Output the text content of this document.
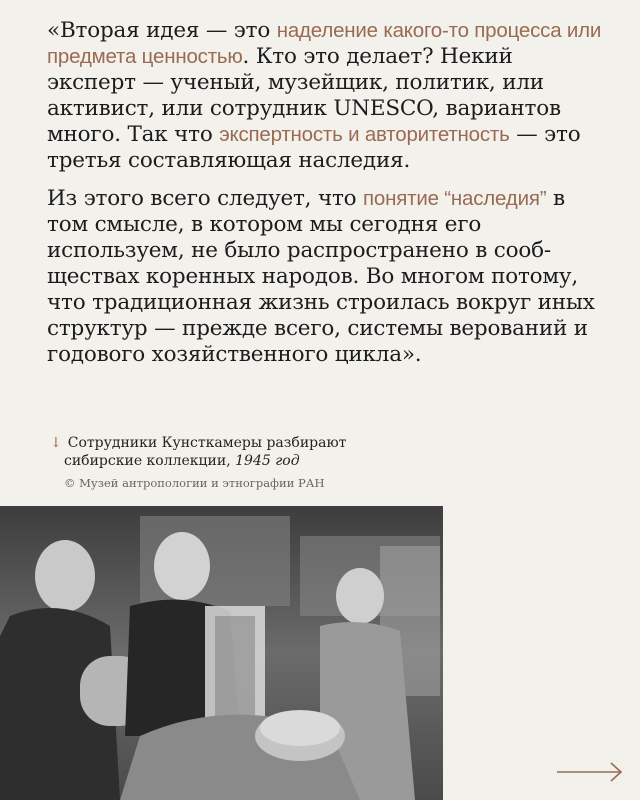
«Вторая идея — это наделение какого-то процесса или предмета ценностью. Кто это делает? Некий эксперт — ученый, музейщик, политик, или активист, или сотрудник UNESCO, вариантов много. Так что экспертность и авторитетность — это третья составляющая наследия.

Из этого всего следует, что понятие “наследия” в том смысле, в котором мы сегодня его используем, не было распространено в сообществах коренных народов. Во многом потому, что традиционная жизнь строилась вокруг иных структур — прежде всего, системы верований и годового хозяйственного цикла».

↓ Сотрудники Кунсткамеры разбирают
сибирские коллекции, 1945 год
© Музей антропологии и этнографии РАН
